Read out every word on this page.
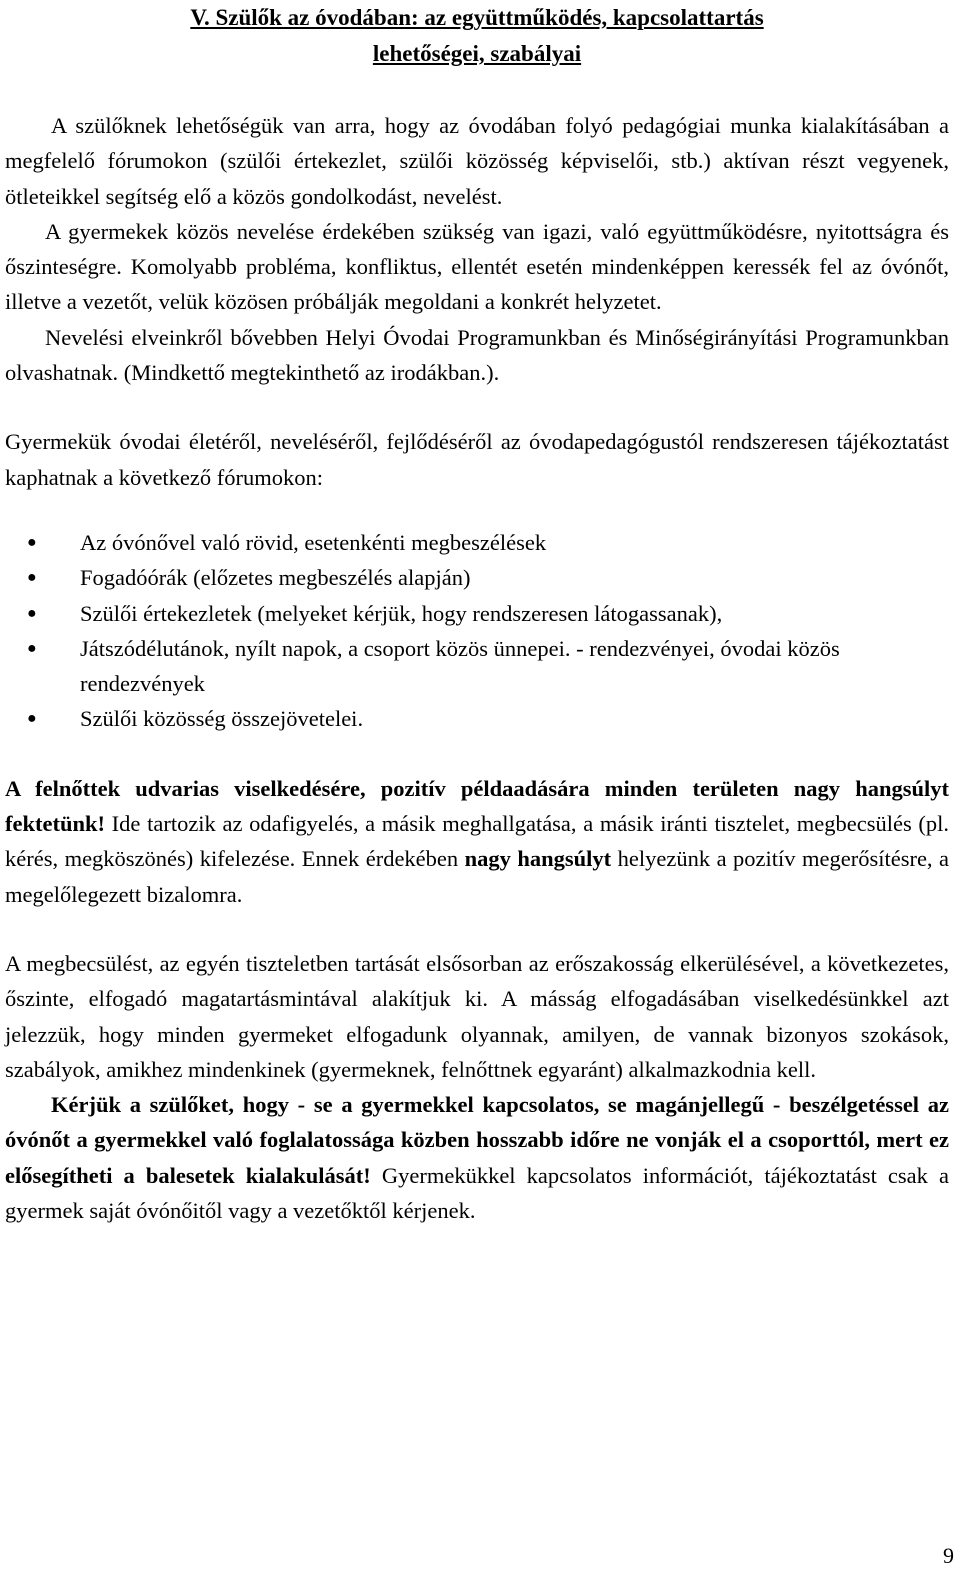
V. Szülők az óvodában: az együttműködés, kapcsolattartás
lehetőségei, szabályai

A szülőknek lehetőségük van arra, hogy az óvodában folyó pedagógiai munka kialakításában a megfelelő fórumokon (szülői értekezlet, szülői közösség képviselői, stb.) aktívan részt vegyenek, ötleteikkel segítség elő a közös gondolkodást, nevelést.

A gyermekek közös nevelése érdekében szükség van igazi, való együttműködésre, nyitottságra és őszinteségre. Komolyabb probléma, konfliktus, ellentét esetén mindenképpen keressék fel az óvónőt, illetve a vezetőt, velük közösen próbálják megoldani a konkrét helyzetet.

Nevelési elveinkről bővebben Helyi Óvodai Programunkban és Minőségirányítási Programunkban olvashatnak. (Mindkettő megtekinthető az irodákban.).

Gyermekük óvodai életéről, neveléséről, fejlődéséről az óvodapedagógustól rendszeresen tájékoztatást kaphatnak a következő fórumokon:

● Az óvónővel való rövid, esetenkénti megbeszélések
● Fogadóórák (előzetes megbeszélés alapján)
● Szülői értekezletek (melyeket kérjük, hogy rendszeresen látogassanak),
● Játszódélutánok, nyílt napok, a csoport közös ünnepei. - rendezvényei, óvodai közös rendezvények
● Szülői közösség összejövetelei.

A felnőttek udvarias viselkedésére, pozitív példaadására minden területen nagy hangsúlyt fektetünk! Ide tartozik az odafigyelés, a másik meghallgatása, a másik iránti tisztelet, megbecsülés (pl. kérés, megköszönés) kifelezése. Ennek érdekében nagy hangsúlyt helyezünk a pozitív megerősítésre, a megelőlegezett bizalomra.

A megbecsülést, az egyén tiszteletben tartását elsősorban az erőszakosság elkerülésével, a következetes, őszinte, elfogadó magatartásmintával alakítjuk ki. A másság elfogadásában viselkedésünkkel azt jelezzük, hogy minden gyermeket elfogadunk olyannak, amilyen, de vannak bizonyos szokások, szabályok, amikhez mindenkinek (gyermeknek, felnőttnek egyaránt) alkalmazkodnia kell.

Kérjük a szülőket, hogy - se a gyermekkel kapcsolatos, se magánjellegű - beszélgetéssel az óvónőt a gyermekkel való foglalatossága közben hosszabb időre ne vonják el a csoporttól, mert ez elősegítheti a balesetek kialakulását! Gyermekükkel kapcsolatos információt, tájékoztatást csak a gyermek saját óvónőitől vagy a vezetőktől kérjenek.

9
